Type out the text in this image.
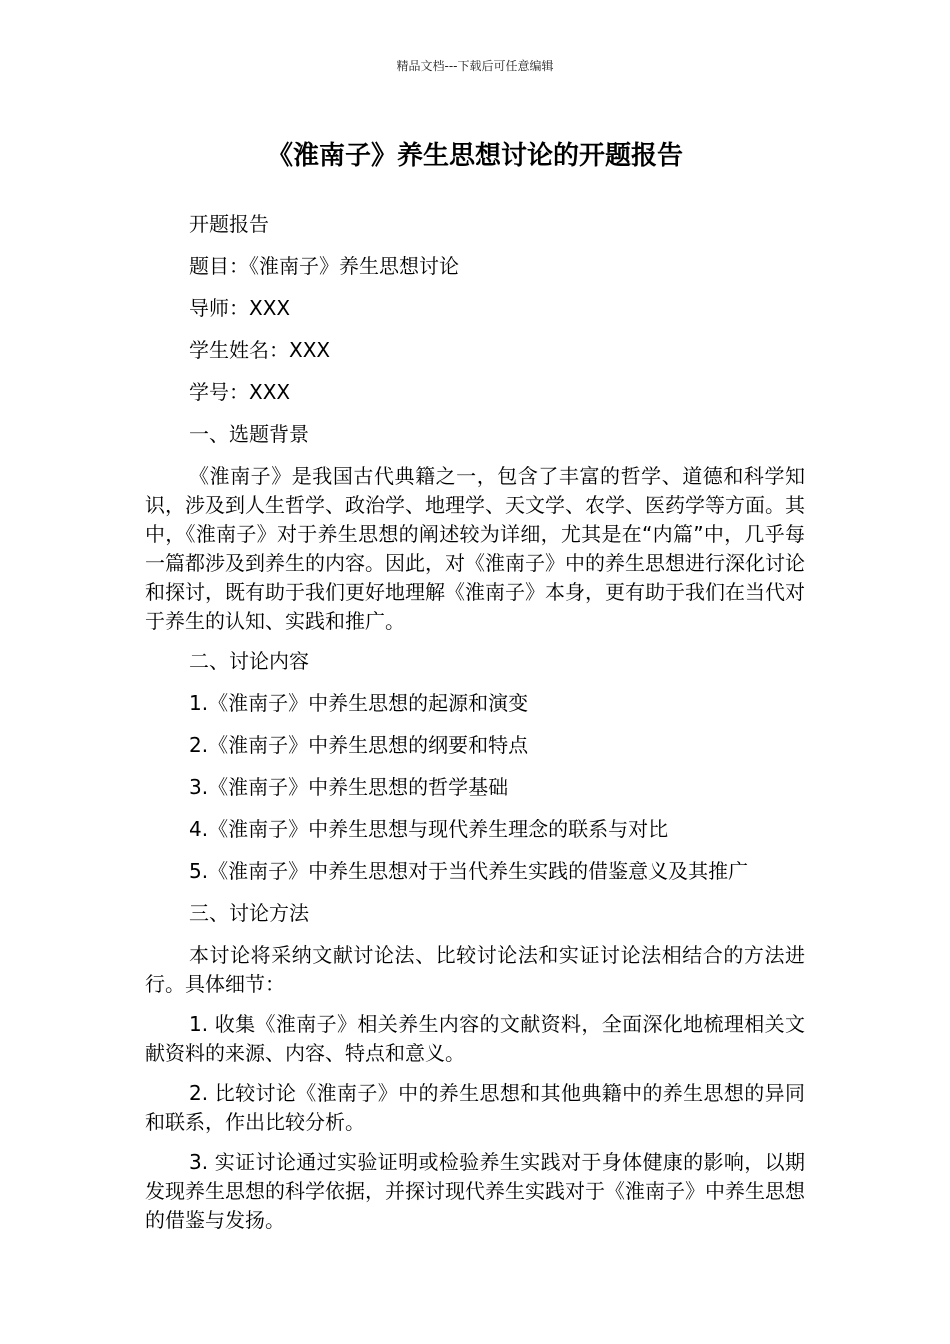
精品文档---下载后可任意编辑
《淮南子》养生思想讨论的开题报告

开题报告

题目：《淮南子》养生思想讨论

导师：XXX

学生姓名：XXX

学号：XXX

一、选题背景

《淮南子》是我国古代典籍之一，包含了丰富的哲学、道德和科学知识，涉及到人生哲学、政治学、地理学、天文学、农学、医药学等方面。其中，《淮南子》对于养生思想的阐述较为详细，尤其是在“内篇”中，几乎每一篇都涉及到养生的内容。因此，对《淮南子》中的养生思想进行深化讨论和探讨，既有助于我们更好地理解《淮南子》本身，更有助于我们在当代对于养生的认知、实践和推广。

二、讨论内容

1.《淮南子》中养生思想的起源和演变

2.《淮南子》中养生思想的纲要和特点

3.《淮南子》中养生思想的哲学基础

4.《淮南子》中养生思想与现代养生理念的联系与对比

5.《淮南子》中养生思想对于当代养生实践的借鉴意义及其推广

三、讨论方法

本讨论将采纳文献讨论法、比较讨论法和实证讨论法相结合的方法进行。具体细节：

1. 收集《淮南子》相关养生内容的文献资料，全面深化地梳理相关文献资料的来源、内容、特点和意义。

2. 比较讨论《淮南子》中的养生思想和其他典籍中的养生思想的异同和联系，作出比较分析。

3. 实证讨论通过实验证明或检验养生实践对于身体健康的影响，以期发现养生思想的科学依据，并探讨现代养生实践对于《淮南子》中养生思想的借鉴与发扬。
